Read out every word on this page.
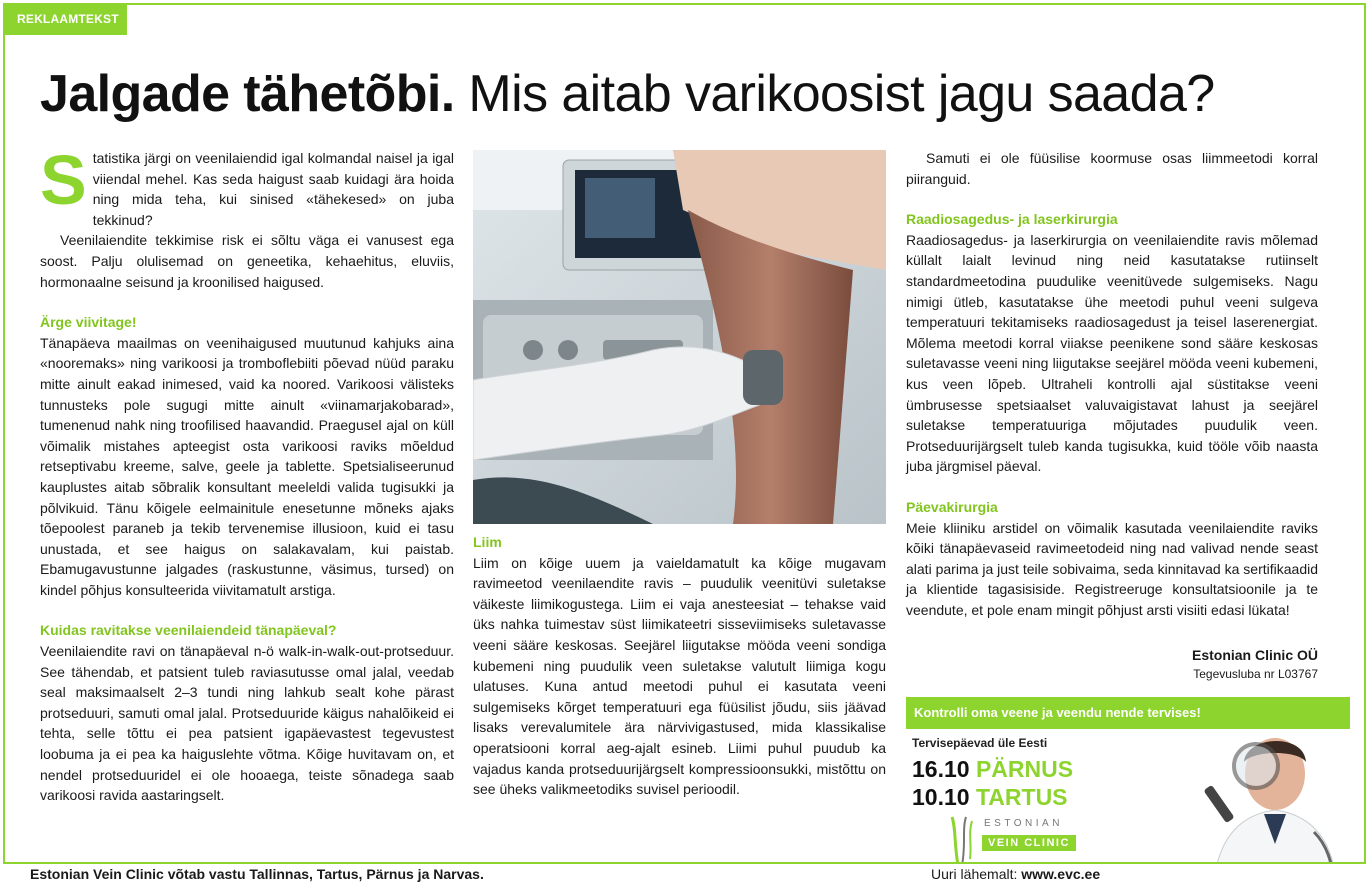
REKLAAMTEKST
Jalgade tähetõbi. Mis aitab varikoosist jagu saada?

Statistika järgi on veenilaiendid igal kolmandal naisel ja igal viiendal mehel. Kas seda haigust saab kuidagi ära hoida ning mida teha, kui sinised «tähekesed» on juba tekkinud?

Veenilaiendite tekkimise risk ei sõltu väga ei vanusest ega soost. Palju olulisemad on geneetika, kehaehitus, eluviis, hormonaalne seisund ja kroonilised haigused.

Ärge viivitage!

Tänapäeva maailmas on veenihaigused muutunud kahjuks aina «nooremaks» ning varikoosi ja tromboflebiiti põevad nüüd paraku mitte ainult eakad inimesed, vaid ka noored. Varikoosi välisteks tunnusteks pole sugugi mitte ainult «viinamarjakobarad», tumenenud nahk ning troofilised haavandid. Praegusel ajal on küll võimalik mistahes apteegist osta varikoosi raviks mõeldud retseptivabu kreeme, salve, geele ja tablette. Spetsialiseerunud kauplustes aitab sõbralik konsultant meeleldi valida tugisukki ja põlvikuid. Tänu kõigele eelmainitule enesetunne mõneks ajaks tõepoolest paraneb ja tekib tervenemise illusioon, kuid ei tasu unustada, et see haigus on salakavalam, kui paistab. Ebamugavustunne jalgades (raskustunne, väsimus, tursed) on kindel põhjus konsulteerida viivitamatult arstiga.

Kuidas ravitakse veenilaiendeid tänapäeval?

Veenilaiendite ravi on tänapäeval n-ö walk-in-walk-out-protseduur. See tähendab, et patsient tuleb raviasutusse omal jalal, veedab seal maksimaalselt 2–3 tundi ning lahkub sealt kohe pärast protseduuri, samuti omal jalal. Protseduuride käigus nahalõikeid ei tehta, selle tõttu ei pea patsient igapäevastest tegevustest loobuma ja ei pea ka haiguslehte võtma. Kõige huvitavam on, et nendel protseduuridel ei ole hooaega, teiste sõnadega saab varikoosi ravida aastaringselt.

Liim

Liim on kõige uuem ja vaieldamatult ka kõige mugavam ravimeetod veenilaendite ravis – puudulik veenitüvi suletakse väikeste liimikogustega. Liim ei vaja anesteesiat – tehakse vaid üks nahka tuimestav süst liimikateetri sisseviimiseks suletavasse veeni sääre keskosas. Seejärel liigutakse mööda veeni sondiga kubemeni ning puudulik veen suletakse valutult liimiga kogu ulatuses. Kuna antud meetodi puhul ei kasutata veeni sulgemiseks kõrget temperatuuri ega füüsilist jõudu, siis jäävad lisaks verevalumitele ära närvivigastused, mida klassikalise operatsiooni korral aeg-ajalt esineb. Liimi puhul puudub ka vajadus kanda protseduurijärgselt kompressioonsukki, mistõttu on see üheks valikmeetodiks suvisel perioodil.

Samuti ei ole füüsilise koormuse osas liimmeetodi korral piiranguid.

Raadiosagedus- ja laserkirurgia

Raadiosagedus- ja laserkirurgia on veenilaiendite ravis mõlemad küllalt laialt levinud ning neid kasutatakse rutiinselt standardmeetodina puudulike veenitüvede sulgemiseks. Nagu nimigi ütleb, kasutatakse ühe meetodi puhul veeni sulgeva temperatuuri tekitamiseks raadiosagedust ja teisel laserenergiat. Mõlema meetodi korral viiakse peenikene sond sääre keskosas suletavasse veeni ning liigutakse seejärel mööda veeni kubemeni, kus veen lõpeb. Ultraheli kontrolli ajal süstitakse veeni ümbrusesse spetsiaalset valuvaigistavat lahust ja seejärel suletakse temperatuuriga mõjutades puudulik veen. Protseduurijärgselt tuleb kanda tugisukka, kuid tööle võib naasta juba järgmisel päeval.

Päevakirurgia

Meie kliiniku arstidel on võimalik kasutada veenilaiendite raviks kõiki tänapäevaseid ravimeetodeid ning nad valivad nende seast alati parima ja just teile sobivaima, seda kinnitavad ka sertifikaadid ja klientide tagasisiside. Registreeruge konsultatsioonile ja te veendute, et pole enam mingit põhjust arsti visiiti edasi lükata!

Estonian Clinic OÜ
Tegevusluba nr L03767
Kontrolli oma veene ja veendu nende tervises!
Tervisepäevad üle Eesti
16.10 PÄRNUS
10.10 TARTUS
ESTONIAN
VEIN CLINIC
Estonian Vein Clinic võtab vastu Tallinnas, Tartus, Pärnus ja Narvas.	Uuri lähemalt: www.evc.ee
